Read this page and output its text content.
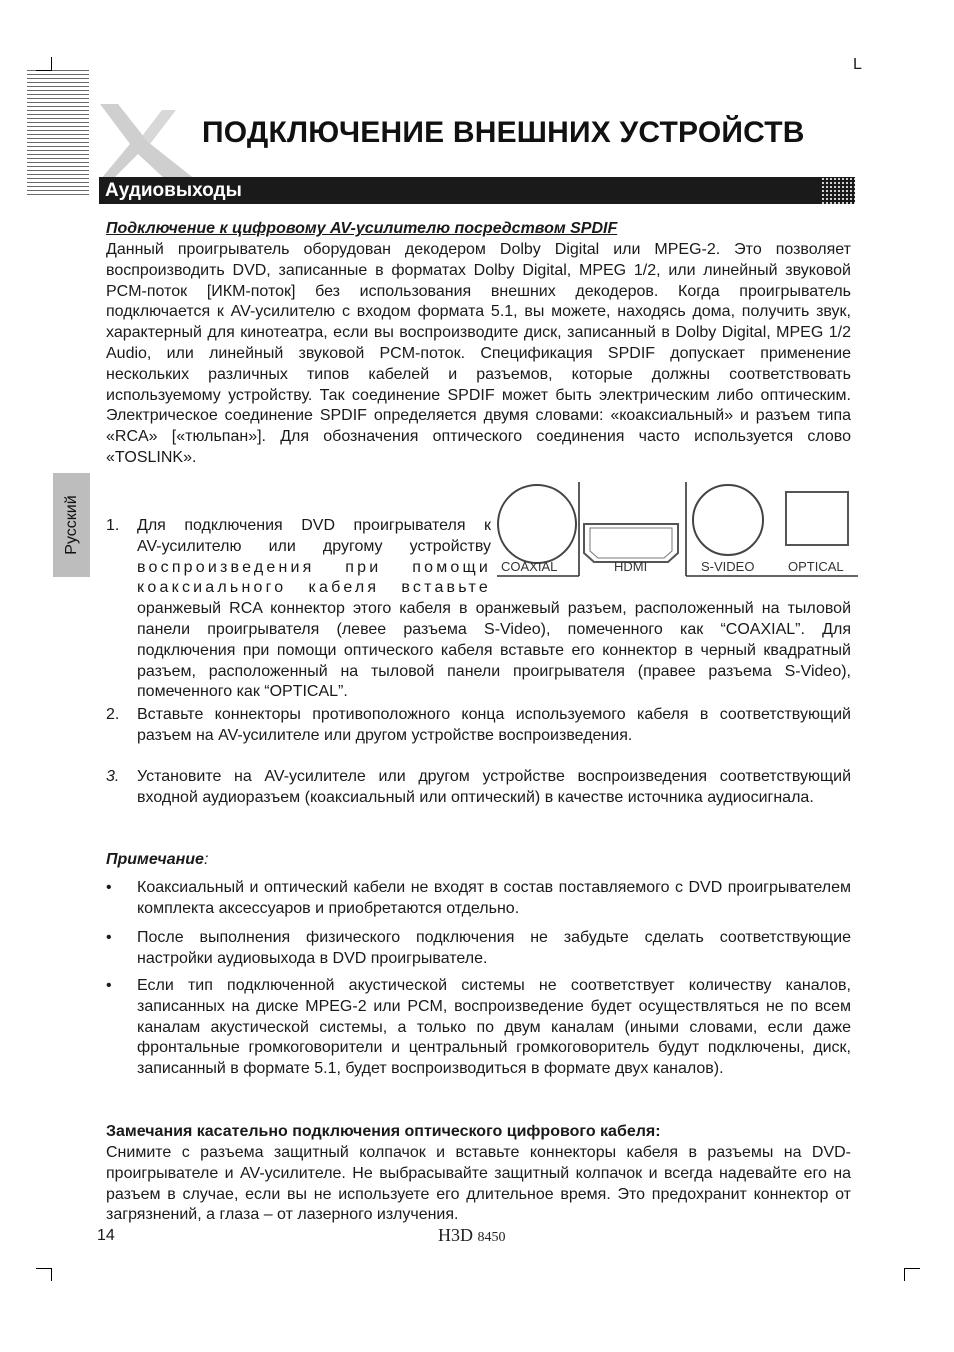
L
ПОДКЛЮЧЕНИЕ ВНЕШНИХ УСТРОЙСТВ
Аудиовыходы
Русский
Подключение к цифровому AV-усилителю посредством SPDIF
Данный проигрыватель оборудован декодером Dolby Digital или MPEG-2. Это позволяет воспроизводить DVD, записанные в форматах Dolby Digital, MPEG 1/2, или линейный звуковой PCM-поток [ИКМ-поток] без использования внешних декодеров. Когда проигрыватель подключается к AV-усилителю с входом формата 5.1, вы можете, находясь дома, получить звук, характерный для кинотеатра, если вы воспроизводите диск, записанный в Dolby Digital, MPEG 1/2 Audio, или линейный звуковой PCM-поток. Спецификация SPDIF допускает применение нескольких различных типов кабелей и разъемов, которые должны соответствовать используемому устройству. Так соединение SPDIF может быть электрическим либо оптическим. Электрическое соединение SPDIF определяется двумя словами: «коаксиальный» и разъем типа «RCA» [«тюльпан»]. Для обозначения оптического соединения часто используется слово «TOSLINK».
COAXIAL	HDMI	S-VIDEO	OPTICAL
1.	Для подключения DVD проигрывателя к
AV-усилителю или другому устройству
воспроизведения при помощи
коаксиального кабеля вставьте
оранжевый RCA коннектор этого кабеля в оранжевый разъем, расположенный на тыловой панели проигрывателя (левее разъема S-Video), помеченного как “COAXIAL”. Для подключения при помощи оптического кабеля вставьте его коннектор в черный квадратный разъем, расположенный на тыловой панели проигрывателя (правее разъема S-Video), помеченного как “OPTICAL”.
2.	Вставьте коннекторы противоположного конца используемого кабеля в соответствующий разъем на AV-усилителе или другом устройстве воспроизведения.
3.	Установите на AV-усилителе или другом устройстве воспроизведения соответствующий входной аудиоразъем (коаксиальный или оптический) в качестве источника аудиосигнала.
Примечание:
•	Коаксиальный и оптический кабели не входят в состав поставляемого с DVD проигрывателем комплекта аксессуаров и приобретаются отдельно.
•	После выполнения физического подключения не забудьте сделать соответствующие настройки аудиовыхода в DVD проигрывателе.
•	Если тип подключенной акустической системы не соответствует количеству каналов, записанных на диске MPEG-2 или PCM, воспроизведение будет осуществляться не по всем каналам акустической системы, а только по двум каналам (иными словами, если даже фронтальные громкоговорители и центральный громкоговоритель будут подключены, диск, записанный в формате 5.1, будет воспроизводиться в формате двух каналов).
Замечания касательно подключения оптического цифрового кабеля:
Снимите с разъема защитный колпачок и вставьте коннекторы кабеля в разъемы на DVD-проигрывателе и AV-усилителе. Не выбрасывайте защитный колпачок и всегда надевайте его на разъем в случае, если вы не используете его длительное время. Это предохранит коннектор от загрязнений, а глаза – от лазерного излучения.
14	H3D 8450
